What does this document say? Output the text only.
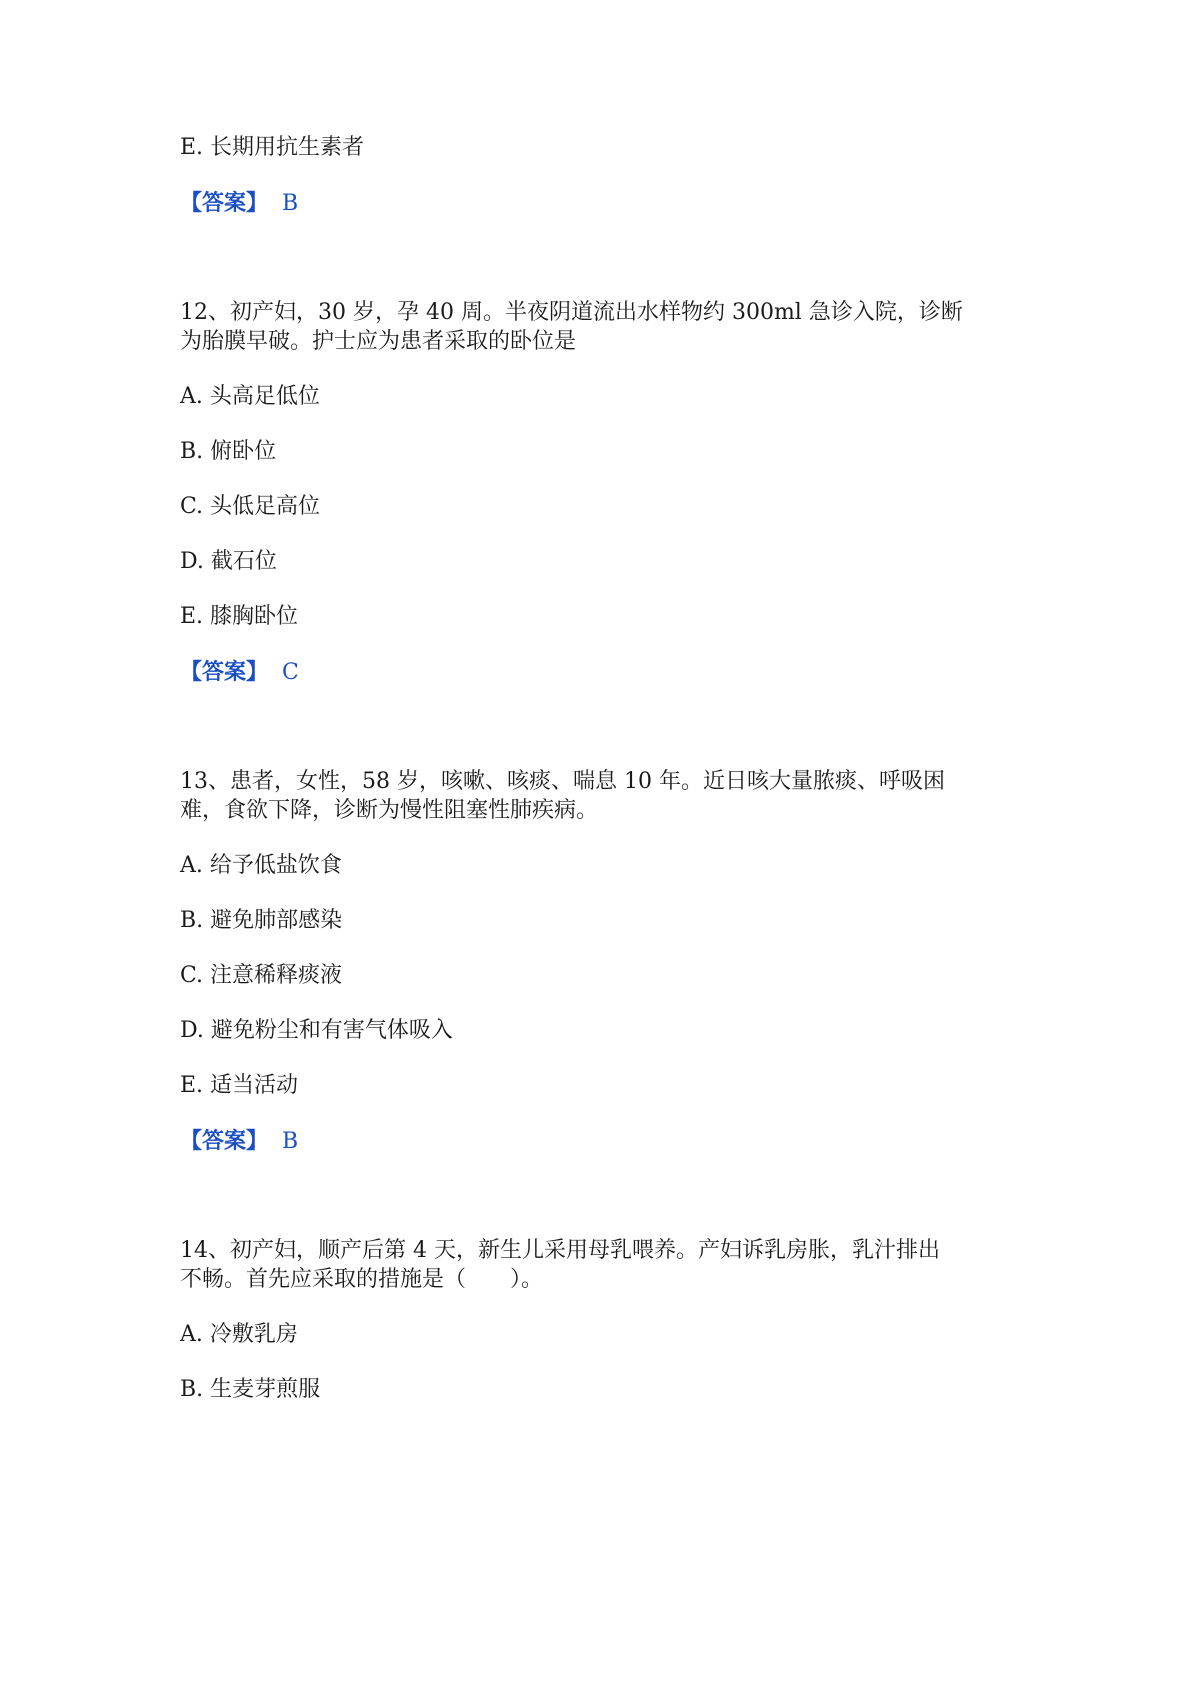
E. 长期用抗生素者
【答案】 B
12、初产妇，30 岁，孕 40 周。半夜阴道流出水样物约 300ml 急诊入院，诊断
为胎膜早破。护士应为患者采取的卧位是
A. 头高足低位
B. 俯卧位
C. 头低足高位
D. 截石位
E. 膝胸卧位
【答案】 C
13、患者，女性，58 岁，咳嗽、咳痰、喘息 10 年。近日咳大量脓痰、呼吸困
难，食欲下降，诊断为慢性阻塞性肺疾病。
A. 给予低盐饮食
B. 避免肺部感染
C. 注意稀释痰液
D. 避免粉尘和有害气体吸入
E. 适当活动
【答案】 B
14、初产妇，顺产后第 4 天，新生儿采用母乳喂养。产妇诉乳房胀，乳汁排出
不畅。首先应采取的措施是（　　）。
A. 冷敷乳房
B. 生麦芽煎服
